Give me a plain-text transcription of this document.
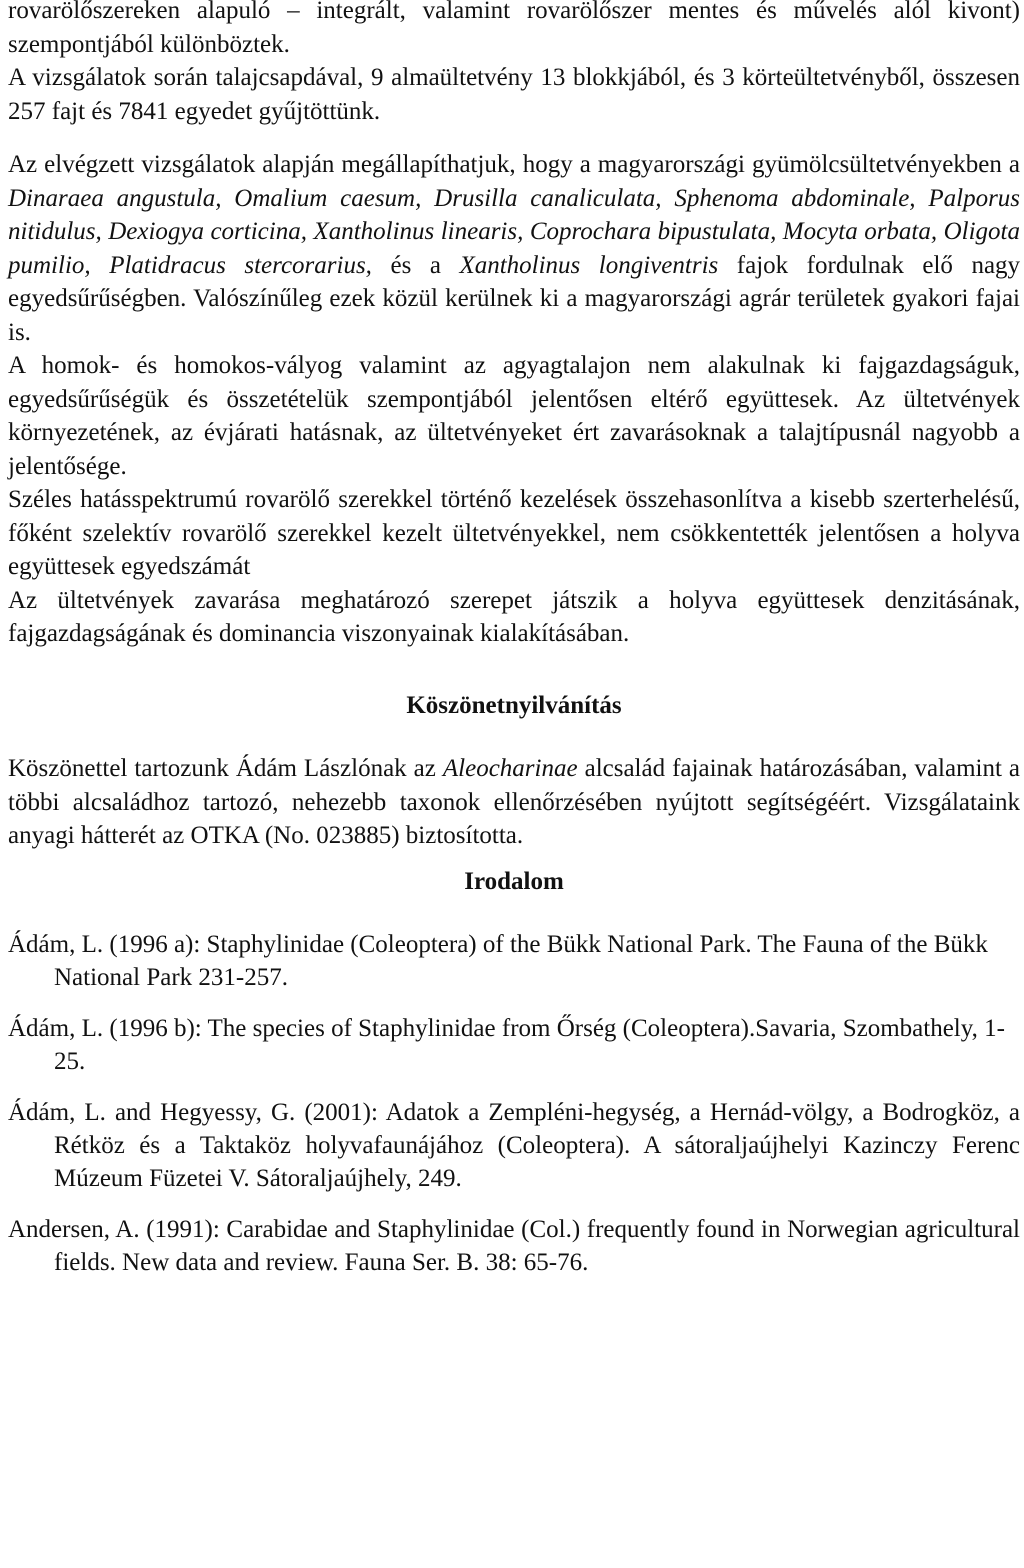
rovarölőszereken alapuló – integrált, valamint rovarölőszer mentes és művelés alól kivont) szempontjából különböztek.

A vizsgálatok során talajcsapdával, 9 almaültetvény 13 blokkjából, és 3 körteültetvényből, összesen 257 fajt és 7841 egyedet gyűjtöttünk.

Az elvégzett vizsgálatok alapján megállapíthatjuk, hogy a magyarországi gyümölcsültetvényekben a Dinaraea angustula, Omalium caesum, Drusilla canaliculata, Sphenoma abdominale, Palporus nitidulus, Dexiogya corticina, Xantholinus linearis, Coprochara bipustulata, Mocyta orbata, Oligota pumilio, Platidracus stercorarius, és a Xantholinus longiventris fajok fordulnak elő nagy egyedsűrűségben. Valószínűleg ezek közül kerülnek ki a magyarországi agrár területek gyakori fajai is.

A homok- és homokos-vályog valamint az agyagtalajon nem alakulnak ki fajgazdagságuk, egyedsűrűségük és összetételük szempontjából jelentősen eltérő együttesek. Az ültetvények környezetének, az évjárati hatásnak, az ültetvényeket ért zavarásoknak a talajtípusnál nagyobb a jelentősége.

Széles hatásspektrumú rovarölő szerekkel történő kezelések összehasonlítva a kisebb szerterhelésű, főként szelektív rovarölő szerekkel kezelt ültetvényekkel, nem csökkentették jelentősen a holyva együttesek egyedszámát

Az ültetvények zavarása meghatározó szerepet játszik a holyva együttesek denzitásának, fajgazdagságának és dominancia viszonyainak kialakításában.

Köszönetnyilvánítás

Köszönettel tartozunk Ádám Lászlónak az Aleocharinae alcsalád fajainak határozásában, valamint a többi alcsaládhoz tartozó, nehezebb taxonok ellenőrzésében nyújtott segítségéért. Vizsgálataink anyagi hátterét az OTKA (No. 023885) biztosította.

Irodalom

Ádám, L. (1996 a): Staphylinidae (Coleoptera) of the Bükk National Park. The Fauna of the Bükk National Park 231-257.

Ádám, L. (1996 b): The species of Staphylinidae from Őrség (Coleoptera).Savaria, Szombathely, 1-25.

Ádám, L. and Hegyessy, G. (2001): Adatok a Zempléni-hegység, a Hernád-völgy, a Bodrogköz, a Rétköz és a Taktaköz holyvafaunájához (Coleoptera). A sátoraljaújhelyi Kazinczy Ferenc Múzeum Füzetei V. Sátoraljaújhely, 249.

Andersen, A. (1991): Carabidae and Staphylinidae (Col.) frequently found in Norwegian agricultural fields. New data and review. Fauna Ser. B. 38: 65-76.
